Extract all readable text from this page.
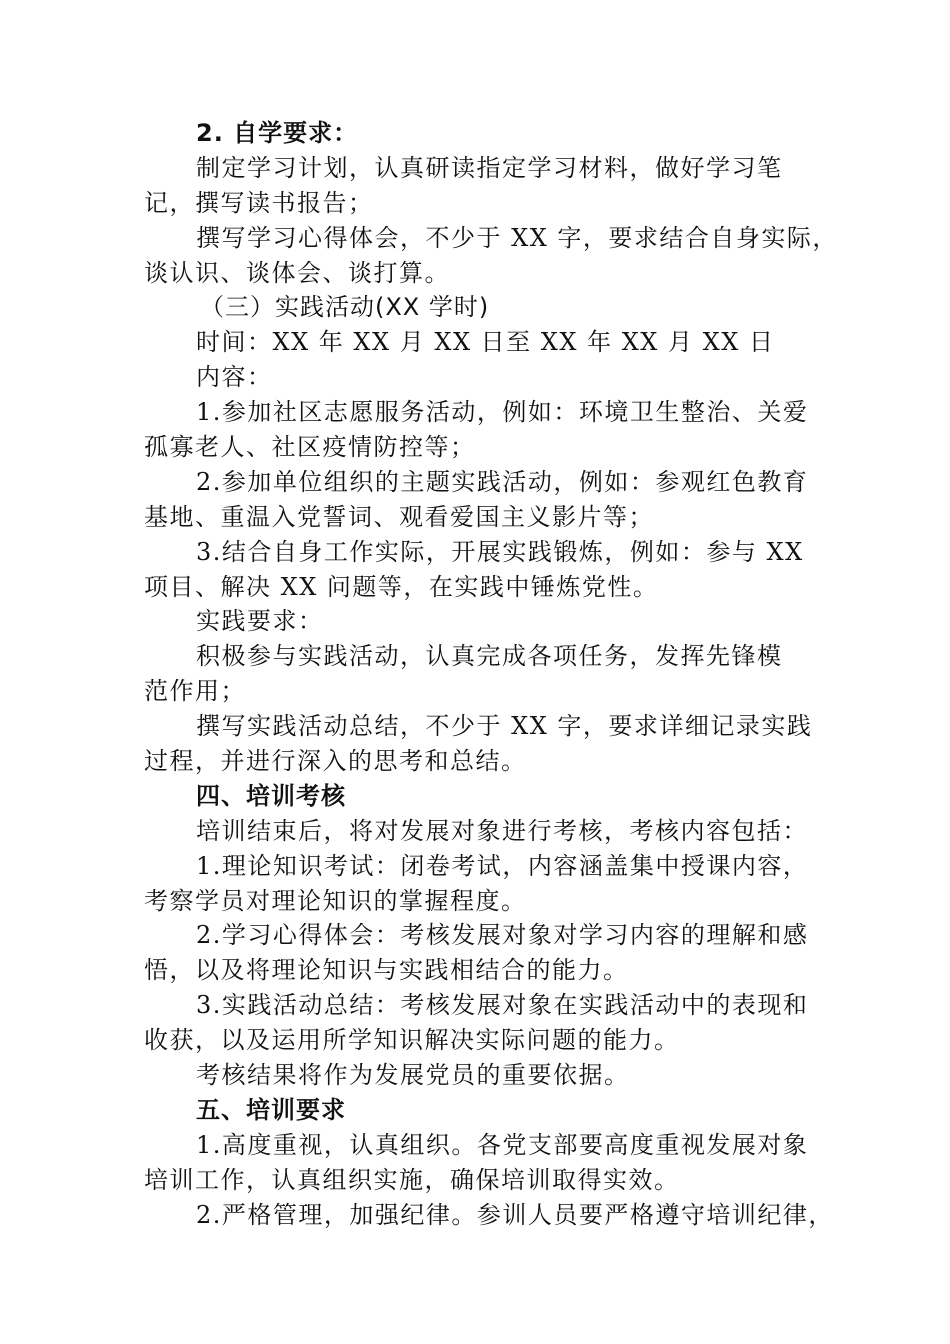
2. 自学要求：
制定学习计划，认真研读指定学习材料，做好学习笔
记，撰写读书报告；
撰写学习心得体会，不少于 XX 字，要求结合自身实际，
谈认识、谈体会、谈打算。
（三）实践活动(XX 学时)
时间：XX 年 XX 月 XX 日至 XX 年 XX 月 XX 日
内容：
1.参加社区志愿服务活动，例如：环境卫生整治、关爱
孤寡老人、社区疫情防控等；
2.参加单位组织的主题实践活动，例如：参观红色教育
基地、重温入党誓词、观看爱国主义影片等；
3.结合自身工作实际，开展实践锻炼，例如：参与 XX
项目、解决 XX 问题等，在实践中锤炼党性。
实践要求：
积极参与实践活动，认真完成各项任务，发挥先锋模
范作用；
撰写实践活动总结，不少于 XX 字，要求详细记录实践
过程，并进行深入的思考和总结。
四、培训考核
培训结束后，将对发展对象进行考核，考核内容包括：
1.理论知识考试：闭卷考试，内容涵盖集中授课内容，
考察学员对理论知识的掌握程度。
2.学习心得体会：考核发展对象对学习内容的理解和感
悟，以及将理论知识与实践相结合的能力。
3.实践活动总结：考核发展对象在实践活动中的表现和
收获，以及运用所学知识解决实际问题的能力。
考核结果将作为发展党员的重要依据。
五、培训要求
1.高度重视，认真组织。各党支部要高度重视发展对象
培训工作，认真组织实施，确保培训取得实效。
2.严格管理，加强纪律。参训人员要严格遵守培训纪律，
